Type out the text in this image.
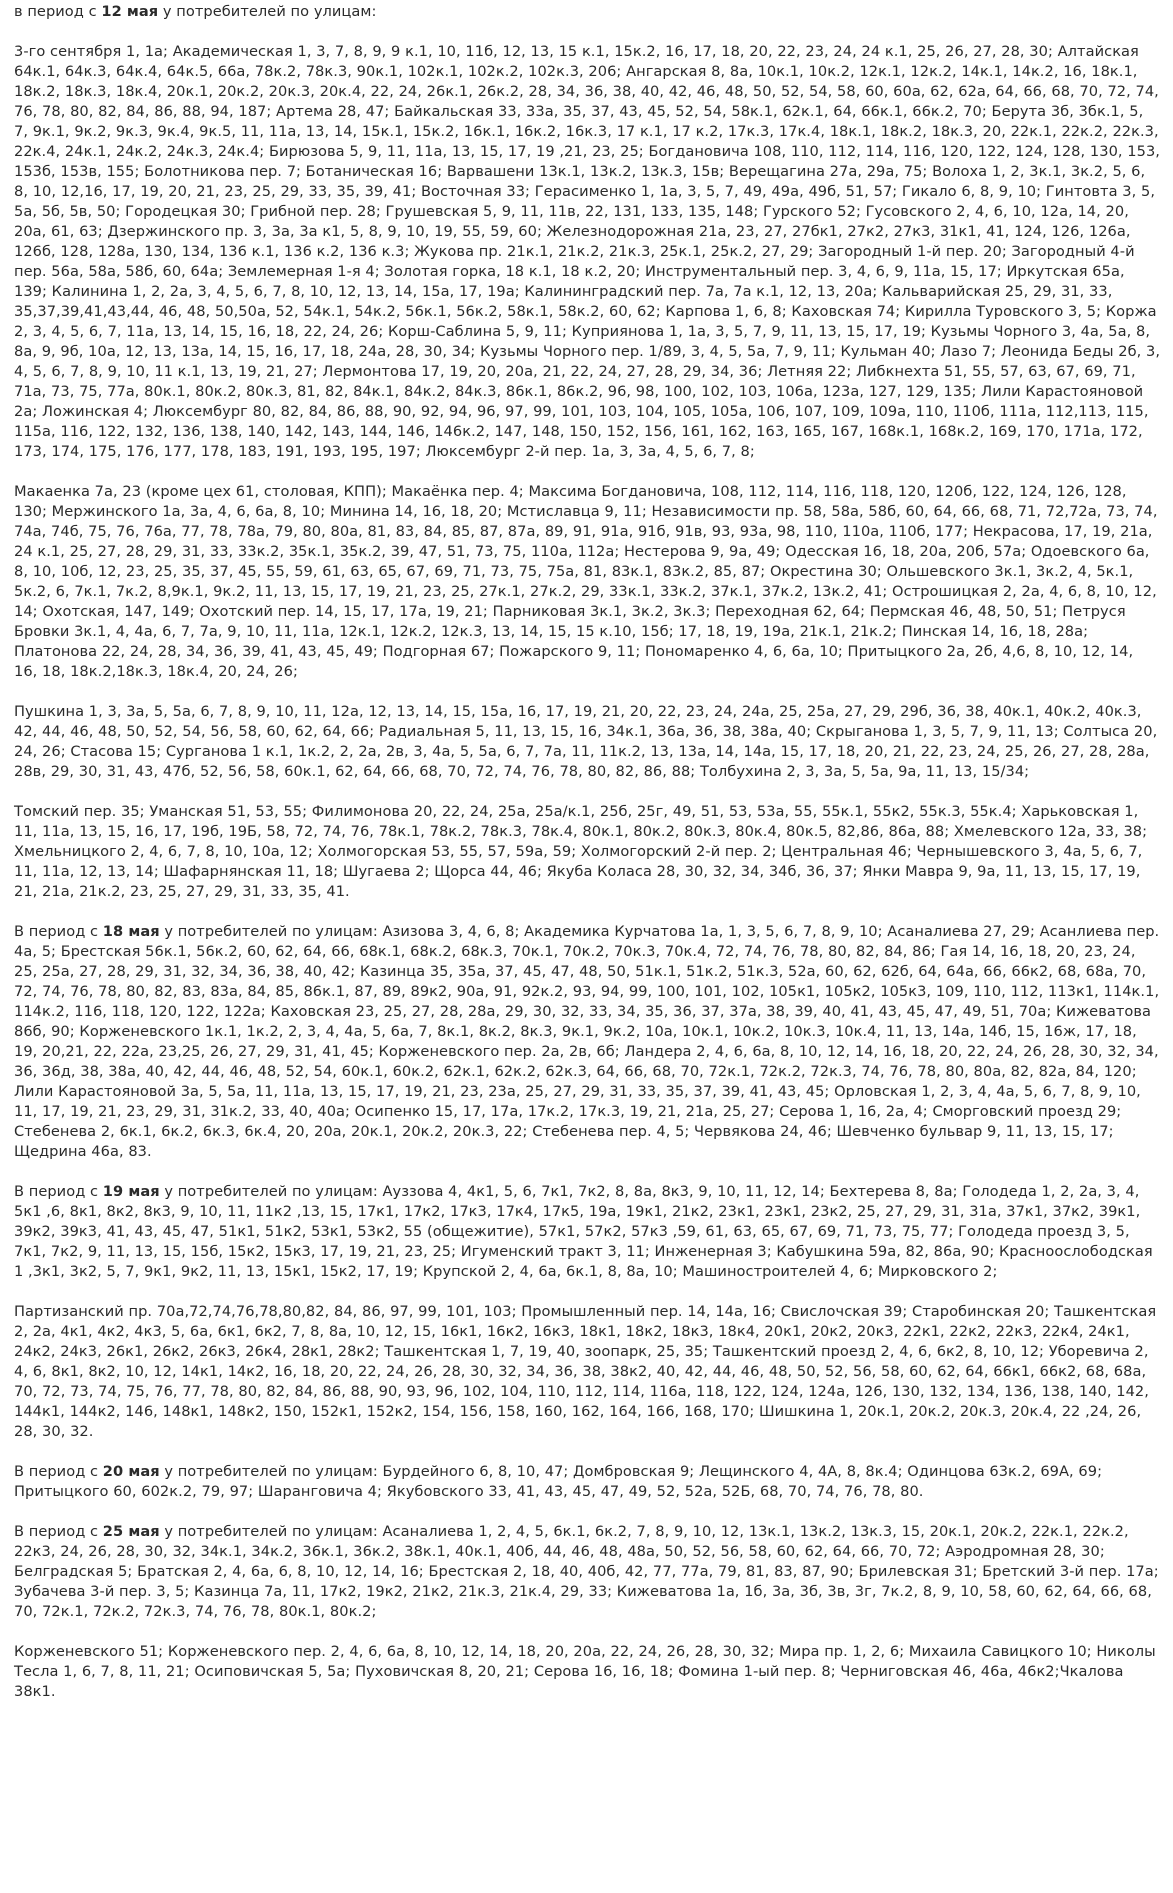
в период с 12 мая у потребителей по улицам:

3-го сентября 1, 1а; Академическая 1, 3, 7, 8, 9, 9 к.1, 10, 11б, 12, 13, 15 к.1, 15к.2, 16, 17, 18, 20, 22, 23, 24, 24 к.1, 25, 26, 27, 28, 30; Алтайская 64к.1, 64к.3, 64к.4, 64к.5, 66а, 78к.2, 78к.3, 90к.1, 102к.1, 102к.2, 102к.3, 206; Ангарская 8, 8а, 10к.1, 10к.2, 12к.1, 12к.2, 14к.1, 14к.2, 16, 18к.1, 18к.2, 18к.3, 18к.4, 20к.1, 20к.2, 20к.3, 20к.4, 22, 24, 26к.1, 26к.2, 28, 34, 36, 38, 40, 42, 46, 48, 50, 52, 54, 58, 60, 60а, 62, 62а, 64, 66, 68, 70, 72, 74, 76, 78, 80, 82, 84, 86, 88, 94, 187; Артема 28, 47; Байкальская 33, 33а, 35, 37, 43, 45, 52, 54, 58к.1, 62к.1, 64, 66к.1, 66к.2, 70; Берута 3б, 3бк.1, 5, 7, 9к.1, 9к.2, 9к.3, 9к.4, 9к.5, 11, 11а, 13, 14, 15к.1, 15к.2, 16к.1, 16к.2, 16к.3, 17 к.1, 17 к.2, 17к.3, 17к.4, 18к.1, 18к.2, 18к.3, 20, 22к.1, 22к.2, 22к.3, 22к.4, 24к.1, 24к.2, 24к.3, 24к.4; Бирюзова 5, 9, 11, 11а, 13, 15, 17, 19 ,21, 23, 25; Богдановича 108, 110, 112, 114, 116, 120, 122, 124, 128, 130, 153, 153б, 153в, 155; Болотникова пер. 7; Ботаническая 16; Варвашени 13к.1, 13к.2, 13к.3, 15в; Верещагина 27а, 29а, 75; Волоха 1, 2, 3к.1, 3к.2, 5, 6, 8, 10, 12,16, 17, 19, 20, 21, 23, 25, 29, 33, 35, 39, 41; Восточная 33; Герасименко 1, 1а, 3, 5, 7, 49, 49а, 49б, 51, 57; Гикало 6, 8, 9, 10; Гинтовта 3, 5, 5а, 5б, 5в, 50; Городецкая 30; Грибной пер. 28; Грушевская 5, 9, 11, 11в, 22, 131, 133, 135, 148; Гурского 52; Гусовского 2, 4, 6, 10, 12а, 14, 20, 20а, 61, 63; Дзержинского пр. 3, 3а, 3а к1, 5, 8, 9, 10, 19, 55, 59, 60; Железнодорожная 21а, 23, 27, 27бк1, 27к2, 27к3, 31к1, 41, 124, 126, 126а, 126б, 128, 128а, 130, 134, 136 к.1, 136 к.2, 136 к.3; Жукова пр. 21к.1, 21к.2, 21к.3, 25к.1, 25к.2, 27, 29; Загородный 1-й пер. 20; Загородный 4-й пер. 56а, 58а, 58б, 60, 64а; Землемерная 1-я 4; Золотая горка, 18 к.1, 18 к.2, 20; Инструментальный пер. 3, 4, 6, 9, 11а, 15, 17; Иркутская 65а, 139; Калинина 1, 2, 2а, 3, 4, 5, 6, 7, 8, 10, 12, 13, 14, 15а, 17, 19а; Калининградский пер. 7а, 7а к.1, 12, 13, 20а; Кальварийская 25, 29, 31, 33, 35,37,39,41,43,44, 46, 48, 50,50а, 52, 54к.1, 54к.2, 56к.1, 56к.2, 58к.1, 58к.2, 60, 62; Карпова 1, 6, 8; Каховская 74; Кирилла Туровского 3, 5; Коржа 2, 3, 4, 5, 6, 7, 11а, 13, 14, 15, 16, 18, 22, 24, 26; Корш-Саблина 5, 9, 11; Куприянова 1, 1а, 3, 5, 7, 9, 11, 13, 15, 17, 19; Кузьмы Чорного 3, 4а, 5а, 8, 8а, 9, 9б, 10а, 12, 13, 13а, 14, 15, 16, 17, 18, 24а, 28, 30, 34; Кузьмы Чорного пер. 1/89, 3, 4, 5, 5а, 7, 9, 11; Кульман 40; Лазо 7; Леонида Беды 2б, 3, 4, 5, 6, 7, 8, 9, 10, 11 к.1, 13, 19, 21, 27; Лермонтова 17, 19, 20, 20а, 21, 22, 24, 27, 28, 29, 34, 36; Летняя 22; Либкнехта 51, 55, 57, 63, 67, 69, 71, 71а, 73, 75, 77а, 80к.1, 80к.2, 80к.3, 81, 82, 84к.1, 84к.2, 84к.3, 86к.1, 86к.2, 96, 98, 100, 102, 103, 106а, 123а, 127, 129, 135; Лили Карастояновой 2а; Ложинская 4; Люксембург 80, 82, 84, 86, 88, 90, 92, 94, 96, 97, 99, 101, 103, 104, 105, 105а, 106, 107, 109, 109а, 110, 110б, 111а, 112,113, 115, 115а, 116, 122, 132, 136, 138, 140, 142, 143, 144, 146, 146к.2, 147, 148, 150, 152, 156, 161, 162, 163, 165, 167, 168к.1, 168к.2, 169, 170, 171а, 172, 173, 174, 175, 176, 177, 178, 183, 191, 193, 195, 197; Люксембург 2-й пер. 1а, 3, 3а, 4, 5, 6, 7, 8;

Макаенка 7а, 23 (кроме цех 61, столовая, КПП); Макаёнка пер. 4; Максима Богдановича, 108, 112, 114, 116, 118, 120, 120б, 122, 124, 126, 128, 130; Мержинского 1а, 3а, 4, 6, 6а, 8, 10; Минина 14, 16, 18, 20; Мстиславца 9, 11; Независимости пр. 58, 58а, 58б, 60, 64, 66, 68, 71, 72,72а, 73, 74, 74а, 74б, 75, 76, 76а, 77, 78, 78а, 79, 80, 80а, 81, 83, 84, 85, 87, 87а, 89, 91, 91а, 91б, 91в, 93, 93а, 98, 110, 110а, 110б, 177; Некрасова, 17, 19, 21а, 24 к.1, 25, 27, 28, 29, 31, 33, 33к.2, 35к.1, 35к.2, 39, 47, 51, 73, 75, 110а, 112а; Нестерова 9, 9а, 49; Одесская 16, 18, 20а, 20б, 57а; Одоевского 6а, 8, 10, 10б, 12, 23, 25, 35, 37, 45, 55, 59, 61, 63, 65, 67, 69, 71, 73, 75, 75а, 81, 83к.1, 83к.2, 85, 87; Окрестина 30; Ольшевского 3к.1, 3к.2, 4, 5к.1, 5к.2, 6, 7к.1, 7к.2, 8,9к.1, 9к.2, 11, 13, 15, 17, 19, 21, 23, 25, 27к.1, 27к.2, 29, 33к.1, 33к.2, 37к.1, 37к.2, 13к.2, 41; Острошицкая 2, 2а, 4, 6, 8, 10, 12, 14; Охотская, 147, 149; Охотский пер. 14, 15, 17, 17а, 19, 21; Парниковая 3к.1, 3к.2, 3к.3; Переходная 62, 64; Пермская 46, 48, 50, 51; Петруся Бровки 3к.1, 4, 4а, 6, 7, 7а, 9, 10, 11, 11а, 12к.1, 12к.2, 12к.3, 13, 14, 15, 15 к.10, 15б; 17, 18, 19, 19а, 21к.1, 21к.2; Пинская 14, 16, 18, 28а; Платонова 22, 24, 28, 34, 36, 39, 41, 43, 45, 49; Подгорная 67; Пожарского 9, 11; Пономаренко 4, 6, 6а, 10; Притыцкого 2а, 2б, 4,6, 8, 10, 12, 14, 16, 18, 18к.2,18к.3, 18к.4, 20, 24, 26;

Пушкина 1, 3, 3а, 5, 5а, 6, 7, 8, 9, 10, 11, 12а, 12, 13, 14, 15, 15а, 16, 17, 19, 21, 20, 22, 23, 24, 24а, 25, 25а, 27, 29, 29б, 36, 38, 40к.1, 40к.2, 40к.3, 42, 44, 46, 48, 50, 52, 54, 56, 58, 60, 62, 64, 66; Радиальная 5, 11, 13, 15, 16, 34к.1, 36а, 36, 38, 38а, 40; Скрыганова 1, 3, 5, 7, 9, 11, 13; Солтыса 20, 24, 26; Стасова 15; Сурганова 1 к.1, 1к.2, 2, 2а, 2в, 3, 4а, 5, 5а, 6, 7, 7а, 11, 11к.2, 13, 13а, 14, 14а, 15, 17, 18, 20, 21, 22, 23, 24, 25, 26, 27, 28, 28а, 28в, 29, 30, 31, 43, 47б, 52, 56, 58, 60к.1, 62, 64, 66, 68, 70, 72, 74, 76, 78, 80, 82, 86, 88; Толбухина 2, 3, 3а, 5, 5а, 9а, 11, 13, 15/34;

Томский пер. 35; Уманская 51, 53, 55; Филимонова 20, 22, 24, 25а, 25а/к.1, 25б, 25г, 49, 51, 53, 53а, 55, 55к.1, 55к2, 55к.3, 55к.4; Харьковская 1, 11, 11а, 13, 15, 16, 17, 19б, 19Б, 58, 72, 74, 76, 78к.1, 78к.2, 78к.3, 78к.4, 80к.1, 80к.2, 80к.3, 80к.4, 80к.5, 82,86, 86а, 88; Хмелевского 12а, 33, 38; Хмельницкого 2, 4, 6, 7, 8, 10, 10а, 12; Холмогорская 53, 55, 57, 59а, 59; Холмогорский 2-й пер. 2; Центральная 46; Чернышевского 3, 4а, 5, 6, 7, 11, 11а, 12, 13, 14; Шафарнянская 11, 18; Шугаева 2; Щорса 44, 46; Якуба Коласа 28, 30, 32, 34, 34б, 36, 37; Янки Мавра 9, 9а, 11, 13, 15, 17, 19, 21, 21а, 21к.2, 23, 25, 27, 29, 31, 33, 35, 41.

В период с 18 мая у потребителей по улицам: Азизова 3, 4, 6, 8; Академика Курчатова 1а, 1, 3, 5, 6, 7, 8, 9, 10; Асаналиева 27, 29; Асанлиева пер. 4а, 5; Брестская 56к.1, 56к.2, 60, 62, 64, 66, 68к.1, 68к.2, 68к.3, 70к.1, 70к.2, 70к.3, 70к.4, 72, 74, 76, 78, 80, 82, 84, 86; Гая 14, 16, 18, 20, 23, 24, 25, 25а, 27, 28, 29, 31, 32, 34, 36, 38, 40, 42; Казинца 35, 35а, 37, 45, 47, 48, 50, 51к.1, 51к.2, 51к.3, 52а, 60, 62, 62б, 64, 64а, 66, 66к2, 68, 68а, 70, 72, 74, 76, 78, 80, 82, 83, 83а, 84, 85, 86к.1, 87, 89, 89к2, 90а, 91, 92к.2, 93, 94, 99, 100, 101, 102, 105к1, 105к2, 105к3, 109, 110, 112, 113к1, 114к.1, 114к.2, 116, 118, 120, 122, 122а; Каховская 23, 25, 27, 28, 28а, 29, 30, 32, 33, 34, 35, 36, 37, 37а, 38, 39, 40, 41, 43, 45, 47, 49, 51, 70а; Кижеватова 86б, 90; Корженевского 1к.1, 1к.2, 2, 3, 4, 4а, 5, 6а, 7, 8к.1, 8к.2, 8к.3, 9к.1, 9к.2, 10а, 10к.1, 10к.2, 10к.3, 10к.4, 11, 13, 14а, 14б, 15, 16ж, 17, 18, 19, 20,21, 22, 22а, 23,25, 26, 27, 29, 31, 41, 45; Корженевского пер. 2а, 2в, 6б; Ландера 2, 4, 6, 6а, 8, 10, 12, 14, 16, 18, 20, 22, 24, 26, 28, 30, 32, 34, 36, 36д, 38, 38а, 40, 42, 44, 46, 48, 52, 54, 60к.1, 60к.2, 62к.1, 62к.2, 62к.3, 64, 66, 68, 70, 72к.1, 72к.2, 72к.3, 74, 76, 78, 80, 80а, 82, 82а, 84, 120; Лили Карастояновой 3а, 5, 5а, 11, 11а, 13, 15, 17, 19, 21, 23, 23а, 25, 27, 29, 31, 33, 35, 37, 39, 41, 43, 45; Орловская 1, 2, 3, 4, 4а, 5, 6, 7, 8, 9, 10, 11, 17, 19, 21, 23, 29, 31, 31к.2, 33, 40, 40а; Осипенко 15, 17, 17а, 17к.2, 17к.3, 19, 21, 21а, 25, 27; Серова 1, 16, 2а, 4; Сморговский проезд 29; Стебенева 2, 6к.1, 6к.2, 6к.3, 6к.4, 20, 20а, 20к.1, 20к.2, 20к.3, 22; Стебенева пер. 4, 5; Червякова 24, 46; Шевченко бульвар 9, 11, 13, 15, 17; Щедрина 46а, 83.

В период с 19 мая у потребителей по улицам: Ауззова 4, 4к1, 5, 6, 7к1, 7к2, 8, 8а, 8к3, 9, 10, 11, 12, 14; Бехтерева 8, 8а; Голодеда 1, 2, 2а, 3, 4, 5к1 ,6, 8к1, 8к2, 8к3, 9, 10, 11, 11к2 ,13, 15, 17к1, 17к2, 17к3, 17к4, 17к5, 19а, 19к1, 21к2, 23к1, 23к1, 23к2, 25, 27, 29, 31, 31а, 37к1, 37к2, 39к1, 39к2, 39к3, 41, 43, 45, 47, 51к1, 51к2, 53к1, 53к2, 55 (общежитие), 57к1, 57к2, 57к3 ,59, 61, 63, 65, 67, 69, 71, 73, 75, 77; Голодеда проезд 3, 5, 7к1, 7к2, 9, 11, 13, 15, 15б, 15к2, 15к3, 17, 19, 21, 23, 25; Игуменский тракт 3, 11; Инженерная 3; Кабушкина 59а, 82, 86а, 90; Красноослободская 1 ,3к1, 3к2, 5, 7, 9к1, 9к2, 11, 13, 15к1, 15к2, 17, 19; Крупской 2, 4, 6а, 6к.1, 8, 8а, 10; Машиностроителей 4, 6; Мирковского 2;

Партизанский пр. 70а,72,74,76,78,80,82, 84, 86, 97, 99, 101, 103; Промышленный пер. 14, 14а, 16; Свислочская 39; Старобинская 20; Ташкентская 2, 2а, 4к1, 4к2, 4к3, 5, 6а, 6к1, 6к2, 7, 8, 8а, 10, 12, 15, 16к1, 16к2, 16к3, 18к1, 18к2, 18к3, 18к4, 20к1, 20к2, 20к3, 22к1, 22к2, 22к3, 22к4, 24к1, 24к2, 24к3, 26к1, 26к2, 26к3, 26к4, 28к1, 28к2; Ташкентская 1, 7, 19, 40, зоопарк, 25, 35; Ташкентский проезд 2, 4, 6, 6к2, 8, 10, 12; Уборевича 2, 4, 6, 8к1, 8к2, 10, 12, 14к1, 14к2, 16, 18, 20, 22, 24, 26, 28, 30, 32, 34, 36, 38, 38к2, 40, 42, 44, 46, 48, 50, 52, 56, 58, 60, 62, 64, 66к1, 66к2, 68, 68а, 70, 72, 73, 74, 75, 76, 77, 78, 80, 82, 84, 86, 88, 90, 93, 96, 102, 104, 110, 112, 114, 116а, 118, 122, 124, 124а, 126, 130, 132, 134, 136, 138, 140, 142, 144к1, 144к2, 146, 148к1, 148к2, 150, 152к1, 152к2, 154, 156, 158, 160, 162, 164, 166, 168, 170; Шишкина 1, 20к.1, 20к.2, 20к.3, 20к.4, 22 ,24, 26, 28, 30, 32.

В период с 20 мая у потребителей по улицам: Бурдейного 6, 8, 10, 47; Домбровская 9; Лещинского 4, 4А, 8, 8к.4; Одинцова 63к.2, 69А, 69; Притыцкого 60, 602к.2, 79, 97; Шаранговича 4; Якубовского 33, 41, 43, 45, 47, 49, 52, 52а, 52Б, 68, 70, 74, 76, 78, 80.

В период с 25 мая у потребителей по улицам: Асаналиева 1, 2, 4, 5, 6к.1, 6к.2, 7, 8, 9, 10, 12, 13к.1, 13к.2, 13к.3, 15, 20к.1, 20к.2, 22к.1, 22к.2, 22к3, 24, 26, 28, 30, 32, 34к.1, 34к.2, 36к.1, 36к.2, 38к.1, 40к.1, 40б, 44, 46, 48, 48а, 50, 52, 56, 58, 60, 62, 64, 66, 70, 72; Аэродромная 28, 30; Белградская 5; Братская 2, 4, 6а, 6, 8, 10, 12, 14, 16; Брестская 2, 18, 40, 40б, 42, 77, 77а, 79, 81, 83, 87, 90; Брилевская 31; Бретский 3-й пер. 17а; Зубачева 3-й пер. 3, 5; Казинца 7а, 11, 17к2, 19к2, 21к2, 21к.3, 21к.4, 29, 33; Кижеватова 1а, 1б, 3а, 3б, 3в, 3г, 7к.2, 8, 9, 10, 58, 60, 62, 64, 66, 68, 70, 72к.1, 72к.2, 72к.3, 74, 76, 78, 80к.1, 80к.2;

Корженевского 51; Корженевского пер. 2, 4, 6, 6а, 8, 10, 12, 14, 18, 20, 20а, 22, 24, 26, 28, 30, 32; Мира пр. 1, 2, 6; Михаила Савицкого 10; Николы Тесла 1, 6, 7, 8, 11, 21; Осиповичская 5, 5а; Пуховичская 8, 20, 21; Серова 16, 16, 18; Фомина 1-ый пер. 8; Черниговская 46, 46а, 46к2;Чкалова 38к1.
